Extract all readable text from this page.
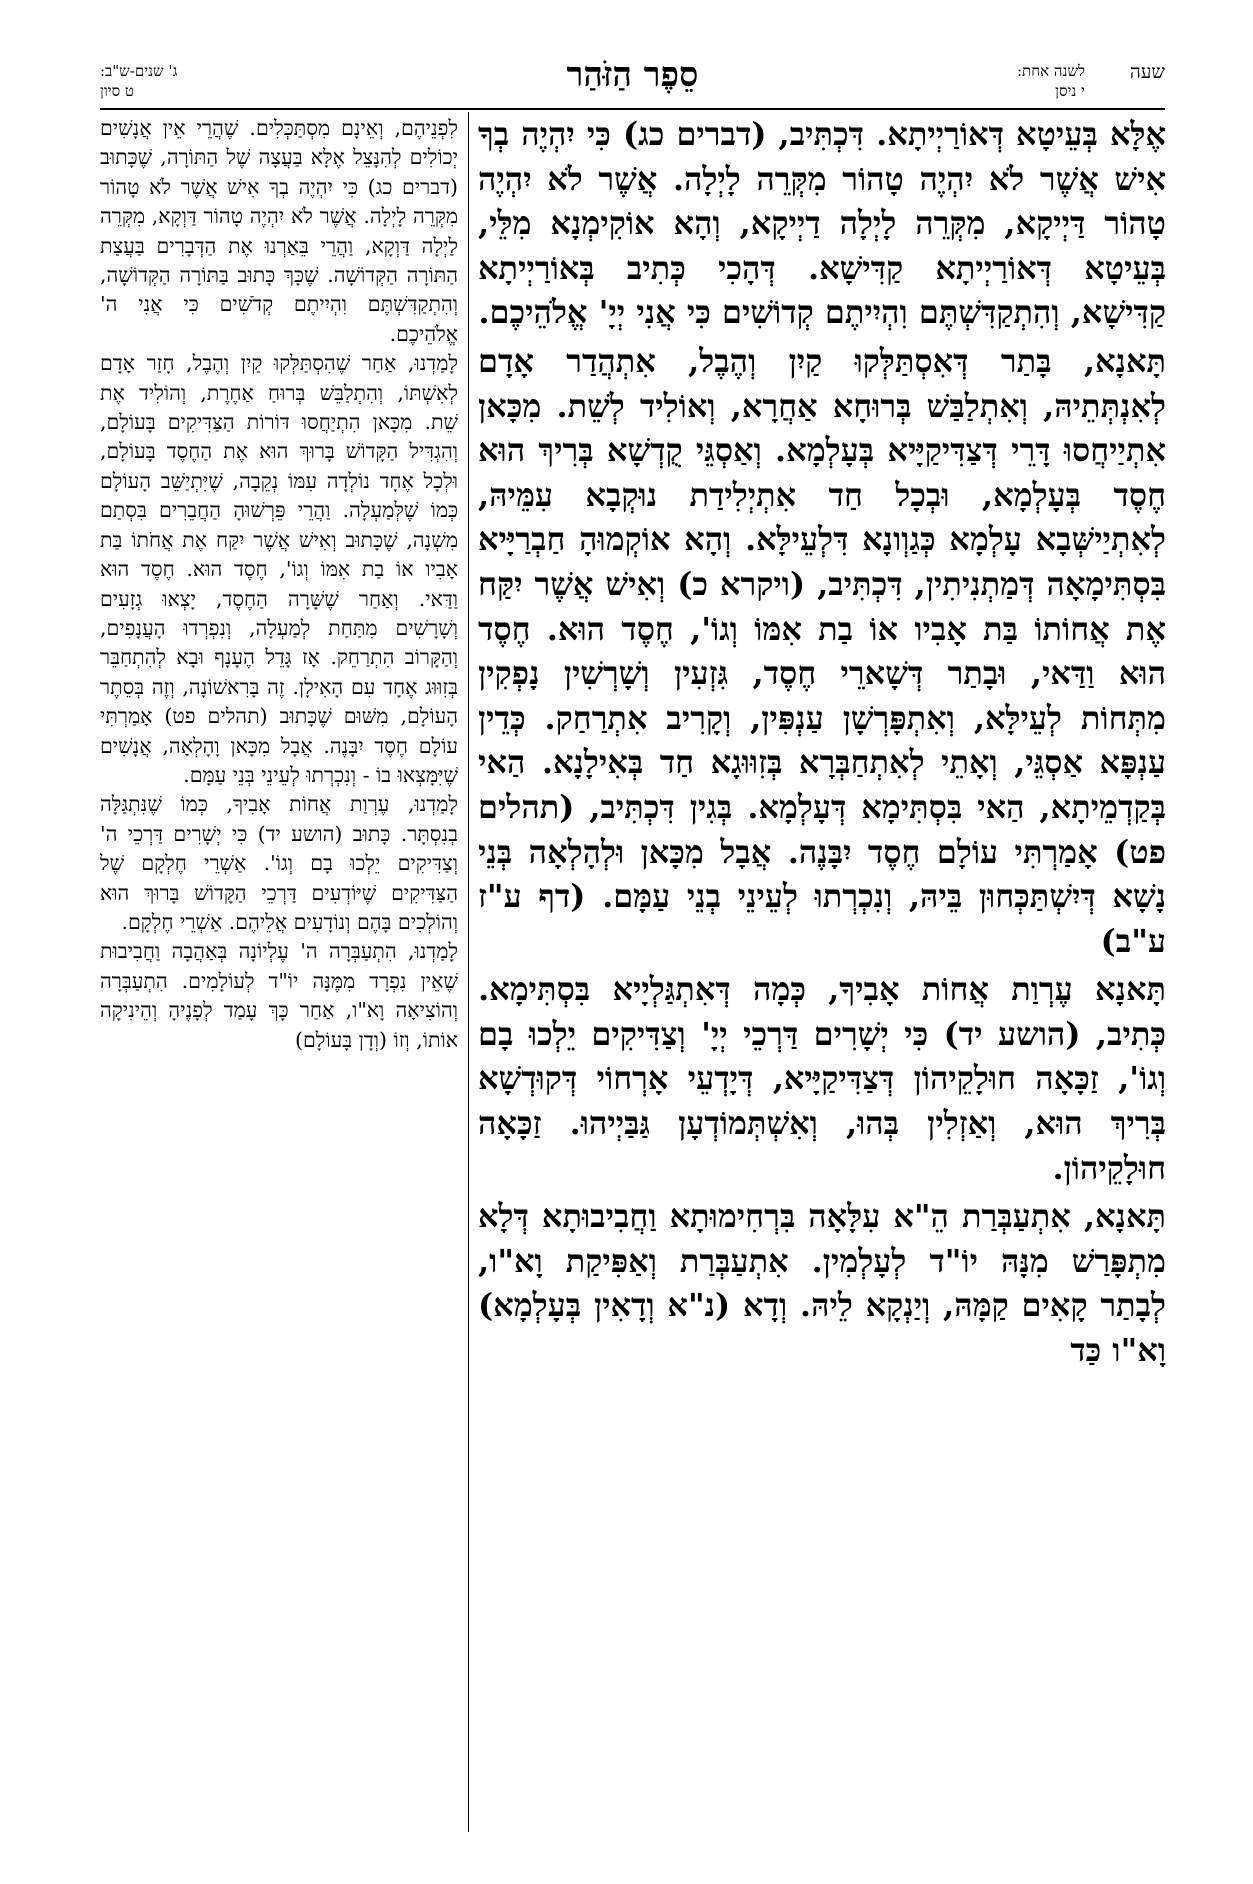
שעה
לשנה אחת:
י ניסן
סֵפֶר הַזֹּהַר
ג' שנים-ש"ב:
ט סיון

אֶלָּא בְּעֵיטָא דְּאוֹרַיְיתָא. דִּכְתִּיב, (דברים כג) כִּי יִהְיֶה בְךָ אִישׁ אֲשֶׁר לֹא יִהְיֶה טָהוֹר מִקְּרֵה לָיְלָה. אֲשֶׁר לֹא יִהְיֶה טָהוֹר דַּיְיקָא, מִקְּרֵה לָיְלָה דַיְיקָא, וְהָא אוֹקִימְנָא מִלֵּי, בְּעֵיטָא דְּאוֹרַיְיתָא קַדִּישָׁא. דְּהָכִי כְּתִיב בְּאוֹרַיְיתָא קַדִּישָׁא, וְהִתְקַדִּשְׁתֶּם וִהְיִיתֶם קְדוֹשִׁים כִּי אֲנִי יְיָ' אֱלֹהֵיכֶם.

תָּאנָא, בָּתַר דְּאִסְתַּלְּקוּ קַיִן וְהֶבֶל, אִתְהֲדַר אָדָם לְאִנְתְּתֵיהּ, וְאִתְלַבַּשׁ בְּרוּחָא אַחֲרָא, וְאוֹלִיד לְשֵׁת. מִכָּאן אִתְיַיחֲסוּ דָּרֵי דְּצַדִּיקַיָּיא בְּעָלְמָא. וְאַסְגֵּי קֻדְשָׁא בְּרִיךְ הוּא חֶסֶד בְּעָלְמָא, וּבְכָל חַד אִתְיְלִידַת נוּקְבָא עִמֵּיהּ, לְאִתְיַישְּׁבָא עָלְמָא כְּגַוְונָא דִּלְעֵילָּא. וְהָא אוֹקְמוּהָ חַבְרַיָּיא בִּסְתִּימָאָה דְּמַתְנִיתִין, דִּכְתִּיב, (ויקרא כ) וְאִישׁ אֲשֶׁר יִקַּח אֶת אֲחוֹתוֹ בַּת אָבִיו אוֹ בַת אִמּוֹ וְגוֹ', חֶסֶד הוּא. חֶסֶד הוּא וַדַּאי, וּבָתַר דְּשָׁארֵי חֶסֶד, גִּזְעִין וְשָׁרְשִׁין נָפְקִין מִתְּחוֹת לְעֵילָּא, וְאִתְפָּרְשָׁן עַנְפִּין, וְקָרִיב אִתְרַחַק. כְּדֵין עַנְפָּא אַסְגֵּי, וְאָתֵי לְאִתְחַבְּרָא בְּזִוּוּגָא חַד בְּאִילָנָא. הַאי בְּקַדְמֵיתָא, הַאי בִּסְתִּימָא דְּעָלְמָא. בְּגִין דִּכְתִּיב, (תהלים פט) אָמַרְתִּי עוֹלָם חֶסֶד יִבָּנֶה. אֲבָל מִכָּאן וּלְהָלְאָה בְּנֵי נָשָׁא דְּיִשְׁתַּכְּחוּן בֵּיהּ, וְנִכְרְתוּ לְעֵינֵי בְנֵי עַמָּם. (דף ע"ז ע"ב)

תָּאנָא עֶרְוַת אֲחוֹת אָבִיךָ, כְּמָה דְּאִתְגַּלְיָיא בִּסְתִּימָא. כְּתִיב, (הושע יד) כִּי יְשָׁרִים דַּרְכֵי יְיָ' וְצַדִּיקִים יֵלְכוּ בָם וְגוֹ', זַכָּאָה חוּלָקֵיהוֹן דְּצַדִּיקַיָּיא, דְּיָדְעֵי אָרְחוֹי דְּקוּדְשָׁא בְּרִיךְ הוּא, וְאַזְלִין בְּהוּ, וְאִשְׁתְּמוֹדְעָן גַּבַּיְיהוּ. זַכָּאָה חוּלָקֵיהוֹן.

תָּאנָא, אִתְעַבְּרַת הֵ"א עִלָּאָה בִּרְחִימוּתָא וַחֲבִיבוּתָא דְּלָא מִתְפָּרַשׁ מִנָּהּ יוֹ"ד לְעָלְמִין. אִתְעַבְּרַת וְאַפִּיקַת וָא"ו, לְבָתַר קָאִים קַמָּהּ, וְיַנְקָא לֵיהּ. וְדָא (נ"א וְדָאִין בְּעָלְמָא) וָא"ו כַּד

לִפְנֵיהֶם, וְאֵינָם מִסְתַּכְּלִים. שֶׁהֲרֵי אֵין אֲנָשִׁים יְכוֹלִים לְהִנָּצֵל אֶלָּא בַּעֲצָה שֶׁל הַתּוֹרָה, שֶׁכָּתוּב (דברים כג) כִּי יִהְיֶה בְךָ אִישׁ אֲשֶׁר לֹא טָהוֹר מִקְּרֵה לָיְלָה. אֲשֶׁר לֹא יִהְיֶה טָהוֹר דַּוְקָא, מִקְּרֵה לַיְלָה דַּוְקָא, וַהֲרֵי בֵּאַרְנוּ אֶת הַדְּבָרִים בַּעֲצַת הַתּוֹרָה הַקְּדוֹשָׁה. שֶׁכָּךְ כָּתוּב בַּתּוֹרָה הַקְּדוֹשָׁה, וְהִתְקַדִּשְׁתֶּם וִהְיִיתֶם קְדֹשִׁים כִּי אֲנִי ה' אֱלֹהֵיכֶם.

לָמַדְנוּ, אַחַר שֶׁהִסְתַּלְּקוּ קַיִן וְהֶבֶל, חָזַר אָדָם לְאִשְׁתּוֹ, וְהִתְלַבֵּשׁ בְּרוּחַ אַחֶרֶת, וְהוֹלִיד אֶת שֵׁת. מִכָּאן הִתְיַחֲסוּ דּוֹרוֹת הַצַּדִּיקִים בָּעוֹלָם, וְהִגְדִּיל הַקָּדוֹשׁ בָּרוּךְ הוּא אֶת הַחֶסֶד בָּעוֹלָם, וּלְכָל אֶחָד נוֹלְדָה עִמּוֹ נְקֵבָה, שֶׁיִּתְיַשֵּׁב הָעוֹלָם כְּמוֹ שֶׁלְּמַעְלָה. וַהֲרֵי פֵּרְשׁוּהָ הַחֲבֵרִים בִּסְתַם מִשְׁנָה, שֶׁכָּתוּב וְאִישׁ אֲשֶׁר יִקַּח אֶת אֲחֹתוֹ בַּת אָבִיו אוֹ בַת אִמּוֹ וְגוֹ', חֶסֶד הוּא. חֶסֶד הוּא וַדַּאי. וְאַחַר שֶׁשָּׁרָה הַחֶסֶד, יָצְאוּ גְזָעִים וְשָׁרָשִׁים מִתַּחַת לְמַעְלָה, וְנִפְרְדוּ הָעֲנָפִים, וְהַקָּרוֹב הִתְרַחֵק. אָז גָּדֵל הֶעָנָף וּבָא לְהִתְחַבֵּר בְּזִוּוּג אֶחָד עִם הָאִילָן. זֶה בָּרִאשׁוֹנָה, וְזֶה בְּסֵתֶר הָעוֹלָם, מִשּׁוּם שֶׁכָּתוּב (תהלים פט) אָמַרְתִּי עוֹלָם חֶסֶד יִבָּנֶה. אֲבָל מִכָּאן וָהָלְאָה, אֲנָשִׁים שֶׁיִּמָּצְאוּ בוֹ - וְנִכְרְתוּ לְעֵינֵי בְּנֵי עַמָּם.

לָמַדְנוּ, עֶרְוַת אֲחוֹת אָבִיךָ, כְּמוֹ שֶׁנִּתְגַּלָּה בְנִסְתָּר. כָּתוּב (הושע יד) כִּי יְשָׁרִים דַּרְכֵי ה' וְצַדִּיקִים יֵלְכוּ בָם וְגוֹ'. אַשְׁרֵי חֶלְקָם שֶׁל הַצַּדִּיקִים שֶׁיּוֹדְעִים דַּרְכֵי הַקָּדוֹשׁ בָּרוּךְ הוּא וְהוֹלְכִים בָּהֶם וְנוֹדָעִים אֲלֵיהֶם. אַשְׁרֵי חֶלְקָם.

לָמַדְנוּ, הִתְעַבְּרָה ה' עֶלְיוֹנָה בְּאַהֲבָה וַחֲבִיבוּת שֶׁאֵין נִפְרָד מִמֶּנָּה יוֹ"ד לְעוֹלָמִים. הִתְעַבְּרָה וְהוֹצִיאָה וָא"ו, אַחַר כָּךְ עָמַד לְפָנֶיהָ וְהֵינִיקָה אוֹתוֹ, וְזוֹ (וְדָן בָּעוֹלָם)
